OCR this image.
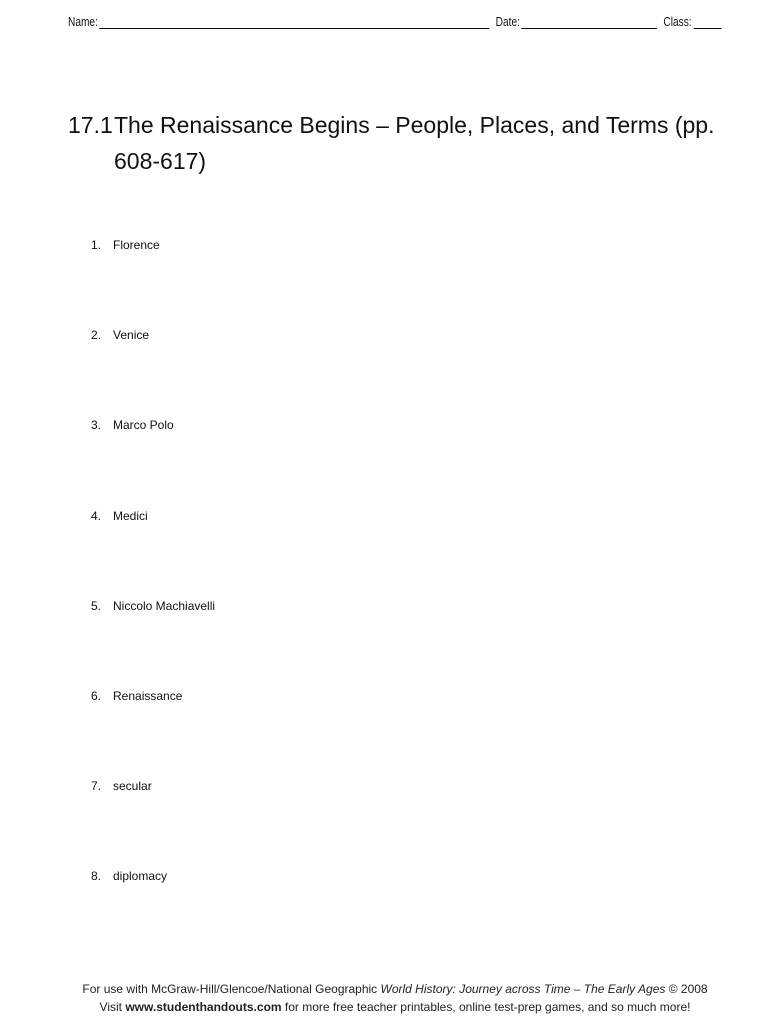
Name:	Date:	Class:
17.1 The Renaissance Begins – People, Places, and Terms (pp. 608-617)
1. Florence
2. Venice
3. Marco Polo
4. Medici
5. Niccolo Machiavelli
6. Renaissance
7. secular
8. diplomacy
For use with McGraw-Hill/Glencoe/National Geographic World History: Journey across Time – The Early Ages © 2008
Visit www.studenthandouts.com for more free teacher printables, online test-prep games, and so much more!
